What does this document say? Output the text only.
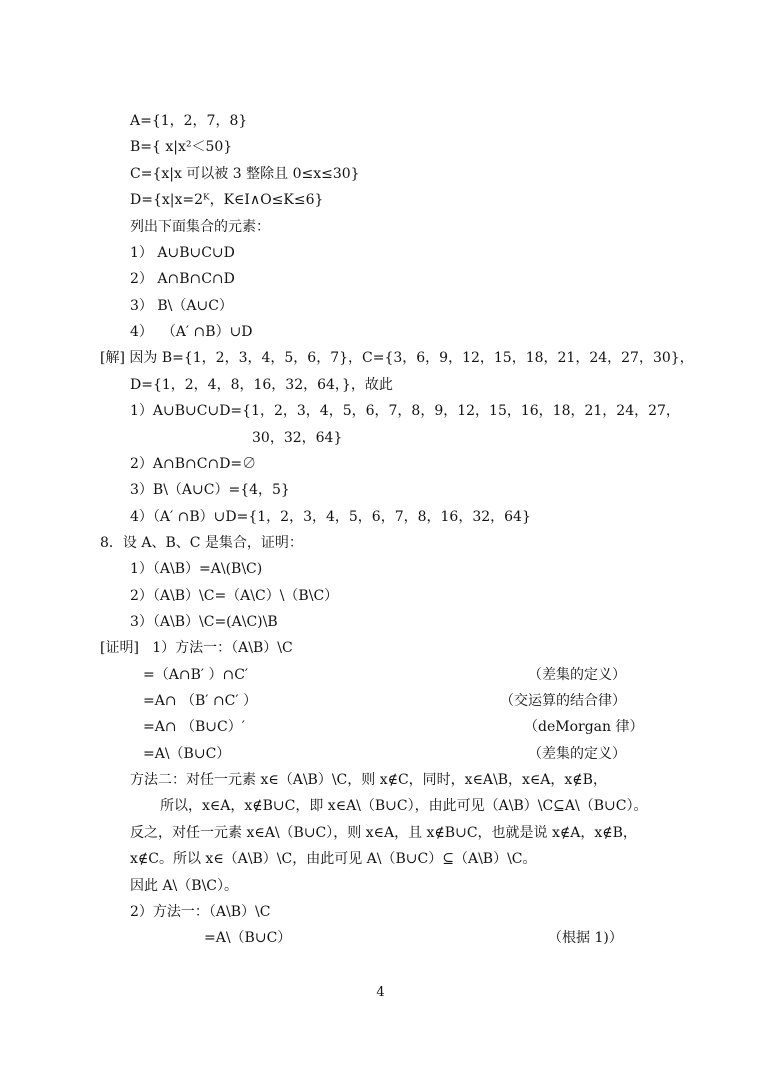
A={1，2，7，8}
B={ x|x²＜50}
C={x|x 可以被 3 整除且 0≤x≤30}
D={x|x=2ᴷ，K∈I∧O≤K≤6}
列出下面集合的元素：
1） A∪B∪C∪D
2） A∩B∩C∩D
3） B\（A∪C）
4）  （A′ ∩B）∪D
[解] 因为 B={1，2，3，4，5，6，7}，C={3，6，9，12，15，18，21，24，27，30}，
D={1，2，4，8，16，32，64，}，故此
1）A∪B∪C∪D={1，2，3，4，5，6，7，8，9，12，15，16，18，21，24，27，
30，32，64}
2）A∩B∩C∩D=∅
3）B\（A∪C）={4，5}
4）（A′ ∩B）∪D={1，2，3，4，5，6，7，8，16，32，64}
8．设 A、B、C 是集合，证明：
1）（A\B）=A\(B\C)
2）（A\B）\C=（A\C）\（B\C）
3）（A\B）\C=(A\C)\B
[证明]   1）方法一：（A\B）\C
=（A∩B′ ）∩C′	（差集的定义）
=A∩ （B′ ∩C′ ）	（交运算的结合律）
=A∩ （B∪C）′	（deMorgan 律）
=A\（B∪C）	（差集的定义）
方法二：对任一元素 x∈（A\B）\C，则 x∉C，同时，x∈A\B，x∈A，x∉B，
所以，x∈A，x∉B∪C，即 x∈A\（B∪C），由此可见（A\B）\C⊆A\（B∪C）。
反之，对任一元素 x∈A\（B∪C），则 x∈A，且 x∉B∪C，也就是说 x∉A，x∉B，
x∉C。所以 x∈（A\B）\C，由此可见 A\（B∪C）⊆（A\B）\C。
因此 A\（B\C）。
2）方法一：（A\B）\C
=A\（B∪C）	（根据 1)）
4
